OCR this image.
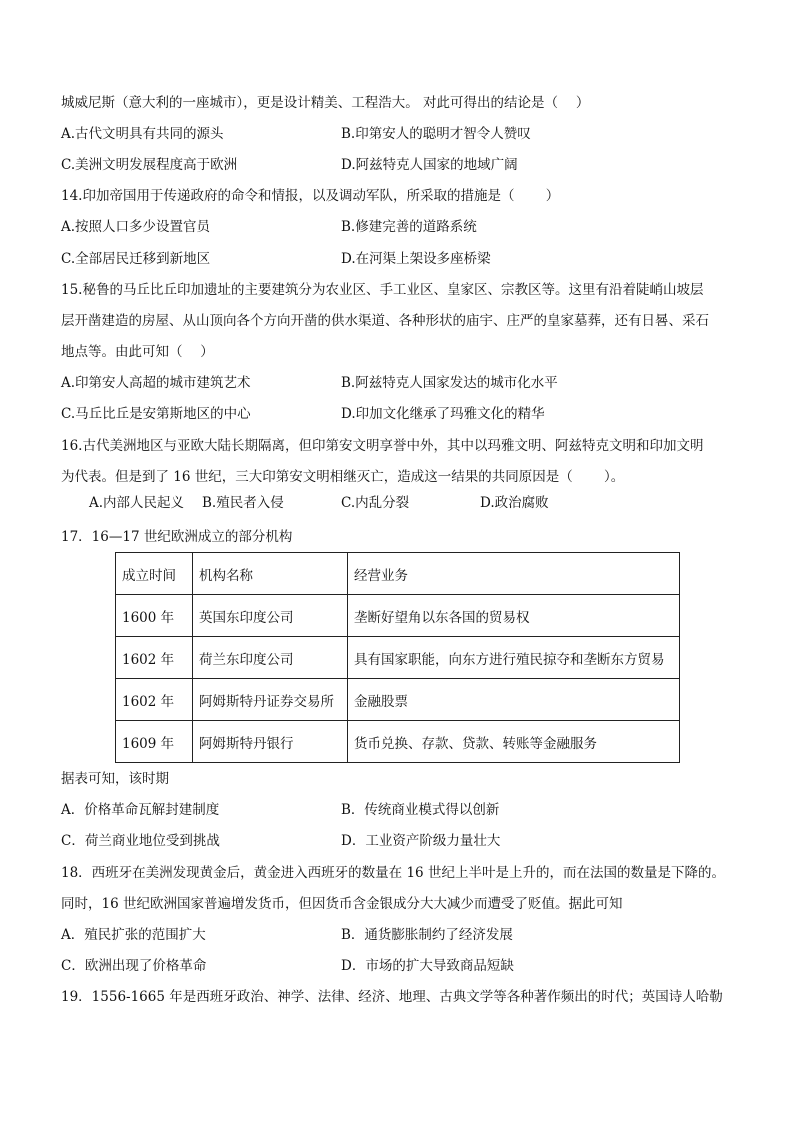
城威尼斯（意大利的一座城市），更是设计精美、工程浩大。 对此可得出的结论是（　 ）
A.古代文明具有共同的源头	B.印第安人的聪明才智令人赞叹
C.美洲文明发展程度高于欧洲	D.阿兹特克人国家的地域广阔
14.印加帝国用于传递政府的命令和情报，以及调动军队，所采取的措施是（　　 ）
A.按照人口多少设置官员	B.修建完善的道路系统
C.全部居民迁移到新地区	D.在河渠上架设多座桥梁
15.秘鲁的马丘比丘印加遗址的主要建筑分为农业区、手工业区、皇家区、宗教区等。这里有沿着陡峭山坡层
层开凿建造的房屋、从山顶向各个方向开凿的供水渠道、各种形状的庙宇、庄严的皇家墓葬，还有日晷、采石
地点等。由此可知（　 ）
A.印第安人高超的城市建筑艺术	B.阿兹特克人国家发达的城市化水平
C.马丘比丘是安第斯地区的中心	D.印加文化继承了玛雅文化的精华
16.古代美洲地区与亚欧大陆长期隔离，但印第安文明享誉中外，其中以玛雅文明、阿兹特克文明和印加文明
为代表。但是到了 16 世纪，三大印第安文明相继灭亡，造成这一结果的共同原因是（　　 ）。
A.内部人民起义 B.殖民者入侵	C.内乱分裂	D.政治腐败
17．16—17 世纪欧洲成立的部分机构
成立时间	机构名称	经营业务
1600 年	英国东印度公司	垄断好望角以东各国的贸易权
1602 年	荷兰东印度公司	具有国家职能，向东方进行殖民掠夺和垄断东方贸易
1602 年	阿姆斯特丹证券交易所	金融股票
1609 年	阿姆斯特丹银行	货币兑换、存款、贷款、转账等金融服务
据表可知，该时期
A．价格革命瓦解封建制度	B．传统商业模式得以创新
C．荷兰商业地位受到挑战	D．工业资产阶级力量壮大
18．西班牙在美洲发现黄金后，黄金进入西班牙的数量在 16 世纪上半叶是上升的，而在法国的数量是下降的。
同时，16 世纪欧洲国家普遍增发货币，但因货币含金银成分大大减少而遭受了贬值。据此可知
A．殖民扩张的范围扩大	B．通货膨胀制约了经济发展
C．欧洲出现了价格革命	D．市场的扩大导致商品短缺
19．1556-1665 年是西班牙政治、神学、法律、经济、地理、古典文学等各种著作频出的时代；英国诗人哈勒
